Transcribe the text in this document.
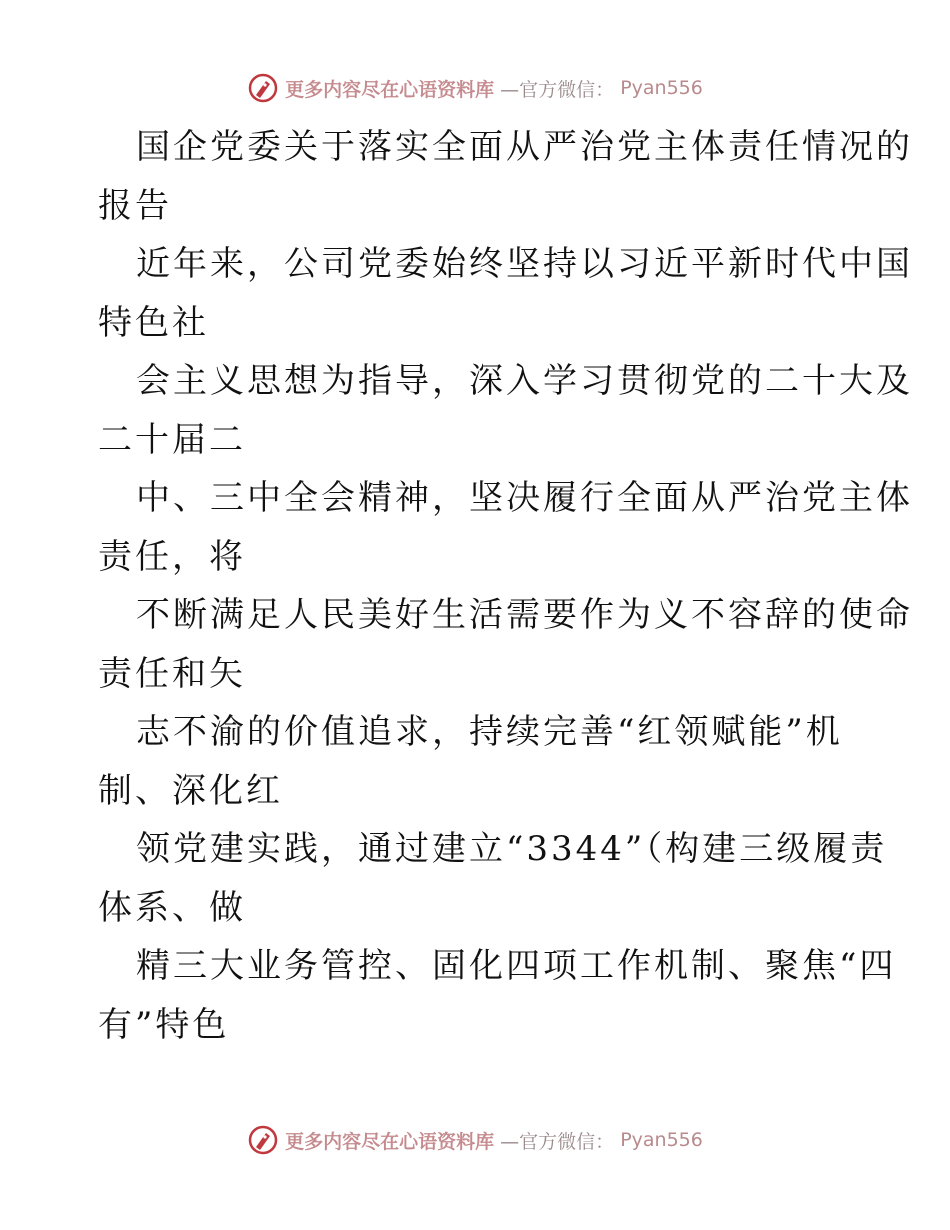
更多内容尽在心语资料库 —官方微信： Pyan556
国企党委关于落实全面从严治党主体责任情况的
报告
近年来，公司党委始终坚持以习近平新时代中国
特色社
会主义思想为指导，深入学习贯彻党的二十大及
二十届二
中、三中全会精神，坚决履行全面从严治党主体
责任，将
不断满足人民美好生活需要作为义不容辞的使命
责任和矢
志不渝的价值追求，持续完善“红领赋能”机
制、深化红
领党建实践，通过建立“3344”（构建三级履责
体系、做
精三大业务管控、固化四项工作机制、聚焦“四
有”特色
更多内容尽在心语资料库 —官方微信： Pyan556
